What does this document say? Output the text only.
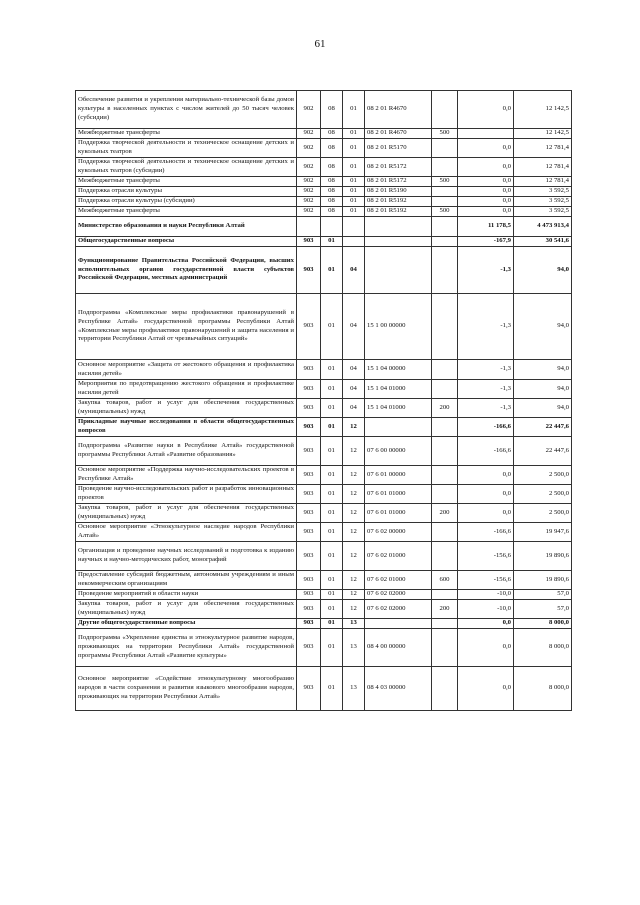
61
Обеспечение развития и укрепления материально-технической базы домов культуры в населенных пунктах с числом жителей до 50 тысяч человек (субсидии)	902	08	01	08 2 01 R4670		0,0	12 142,5
Межбюджетные трансферты	902	08	01	08 2 01 R4670	500		12 142,5
Поддержка творческой деятельности и техническое оснащение детских и кукольных театров	902	08	01	08 2 01 R5170		0,0	12 781,4
Поддержка творческой деятельности и техническое оснащение детских и кукольных театров (субсидии)	902	08	01	08 2 01 R5172		0,0	12 781,4
Межбюджетные трансферты	902	08	01	08 2 01 R5172	500	0,0	12 781,4
Поддержка отрасли культуры	902	08	01	08 2 01 R5190		0,0	3 592,5
Поддержка отрасли культуры (субсидии)	902	08	01	08 2 01 R5192		0,0	3 592,5
Межбюджетные трансферты	902	08	01	08 2 01 R5192	500	0,0	3 592,5
Министерство образования и науки Республики Алтай						11 178,5	4 473 913,4
Общегосударственные вопросы	903	01				-167,9	30 541,6
Функционирование Правительства Российской Федерации, высших исполнительных органов государственной власти субъектов Российской Федерации, местных администраций	903	01	04			-1,3	94,0
Подпрограмма «Комплексные меры профилактики правонарушений в Республике Алтай» государственной программы Республики Алтай «Комплексные меры профилактики правонарушений и защита населения и территории Республики Алтай от чрезвычайных ситуаций»	903	01	04	15 1 00 00000		-1,3	94,0
Основное мероприятие «Защита от жестокого обращения и профилактика насилия детей»	903	01	04	15 1 04 00000		-1,3	94,0
Мероприятия по предотвращению жестокого обращения и профилактике насилия детей	903	01	04	15 1 04 01000		-1,3	94,0
Закупка товаров, работ и услуг для обеспечения государственных (муниципальных) нужд	903	01	04	15 1 04 01000	200	-1,3	94,0
Прикладные научные исследования в области общегосударственных вопросов	903	01	12			-166,6	22 447,6
Подпрограмма «Развитие науки в Республике Алтай» государственной программы Республики Алтай «Развитие образования»	903	01	12	07 6 00 00000		-166,6	22 447,6
Основное мероприятие «Поддержка научно-исследовательских проектов в Республике Алтай»	903	01	12	07 6 01 00000		0,0	2 500,0
Проведение научно-исследовательских работ и разработок инновационных проектов	903	01	12	07 6 01 01000		0,0	2 500,0
Закупка товаров, работ и услуг для обеспечения государственных (муниципальных) нужд	903	01	12	07 6 01 01000	200	0,0	2 500,0
Основное мероприятие «Этнокультурное наследие народов Республики Алтай»	903	01	12	07 6 02 00000		-166,6	19 947,6
Организация и проведение научных исследований и подготовка к изданию научных и научно-методических работ, монографий	903	01	12	07 6 02 01000		-156,6	19 890,6
Предоставление субсидий бюджетным, автономным учреждениям и иным некоммерческим организациям	903	01	12	07 6 02 01000	600	-156,6	19 890,6
Проведение мероприятий в области науки	903	01	12	07 6 02 02000		-10,0	57,0
Закупка товаров, работ и услуг для обеспечения государственных (муниципальных) нужд	903	01	12	07 6 02 02000	200	-10,0	57,0
Другие общегосударственные вопросы	903	01	13			0,0	8 000,0
Подпрограмма «Укрепление единства и этнокультурное развитие народов, проживающих на территории Республики Алтай» государственной программы Республики Алтай «Развитие культуры»	903	01	13	08 4 00 00000		0,0	8 000,0
Основное мероприятие «Содействие этнокультурному многообразию народов в части сохранения и развития языкового многообразия народов, проживающих на территории Республики Алтай»	903	01	13	08 4 03 00000		0,0	8 000,0
